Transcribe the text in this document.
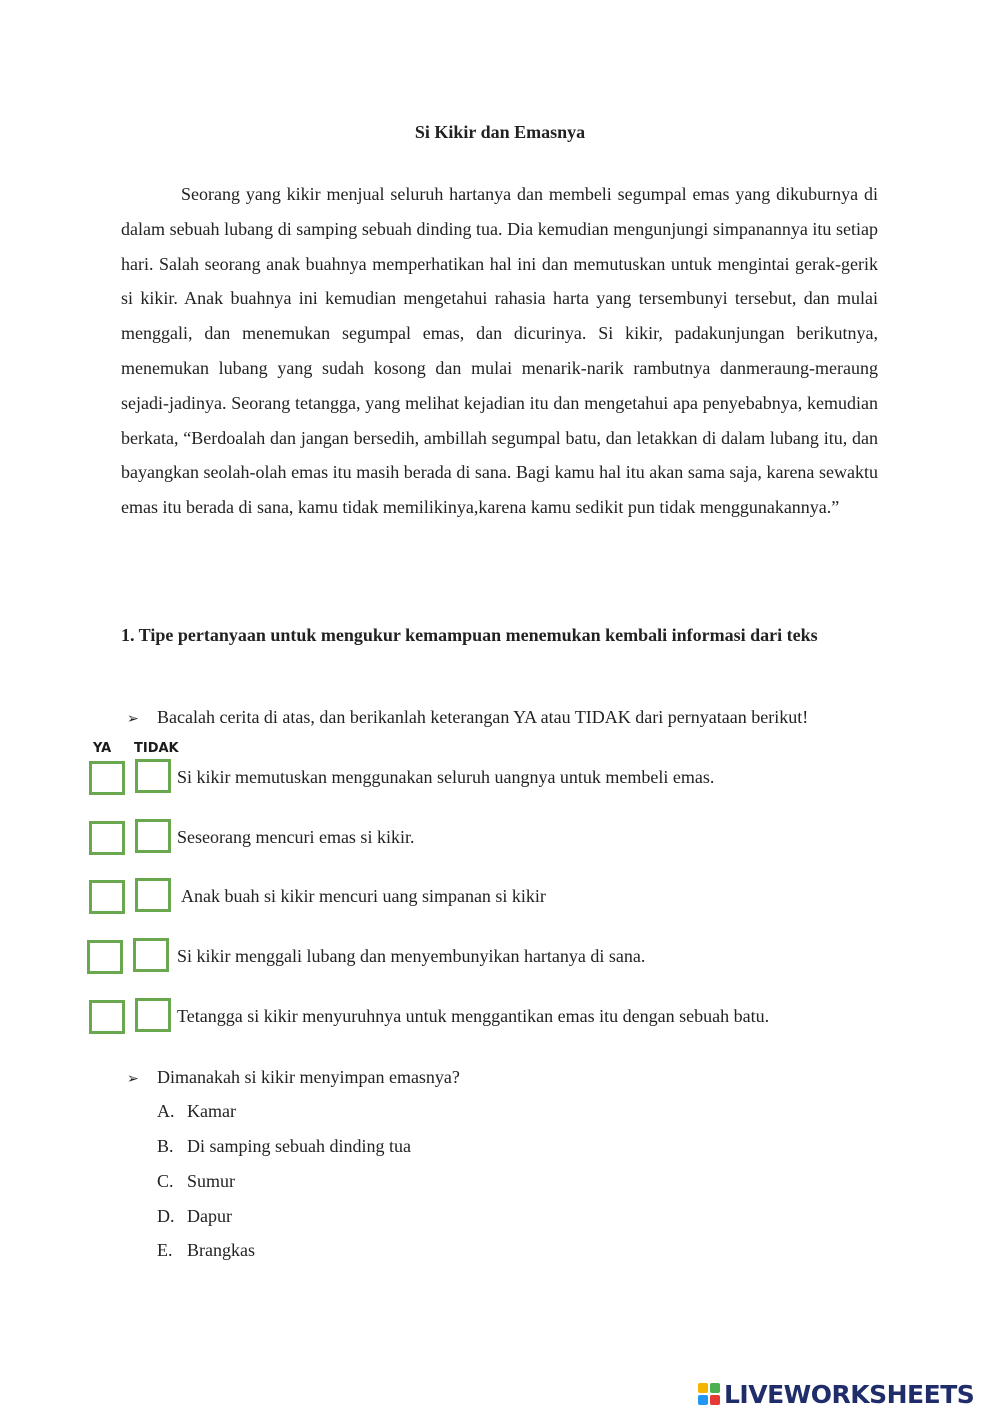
Si Kikir dan Emasnya

Seorang yang kikir menjual seluruh hartanya dan membeli segumpal emas yang dikuburnya di dalam sebuah lubang di samping sebuah dinding tua. Dia kemudian mengunjungi simpanannya itu setiap hari. Salah seorang anak buahnya memperhatikan hal ini dan memutuskan untuk mengintai gerak-gerik si kikir. Anak buahnya ini kemudian mengetahui rahasia harta yang tersembunyi tersebut, dan mulai menggali, dan menemukan segumpal emas, dan dicurinya. Si kikir, padakunjungan berikutnya, menemukan lubang yang sudah kosong dan mulai menarik-narik rambutnya danmeraung-meraung sejadi-jadinya. Seorang tetangga, yang melihat kejadian itu dan mengetahui apa penyebabnya, kemudian berkata, “Berdoalah dan jangan bersedih, ambillah segumpal batu, dan letakkan di dalam lubang itu, dan bayangkan seolah-olah emas itu masih berada di sana. Bagi kamu hal itu akan sama saja, karena sewaktu emas itu berada di sana, kamu tidak memilikinya,karena kamu sedikit pun tidak menggunakannya.”

1. Tipe pertanyaan untuk mengukur kemampuan menemukan kembali informasi dari teks

➢ Bacalah cerita di atas, dan berikanlah keterangan YA atau TIDAK dari pernyataan berikut!
YA TIDAK
Si kikir memutuskan menggunakan seluruh uangnya untuk membeli emas.
Seseorang mencuri emas si kikir.
Anak buah si kikir mencuri uang simpanan si kikir
Si kikir menggali lubang dan menyembunyikan hartanya di sana.
Tetangga si kikir menyuruhnya untuk menggantikan emas itu dengan sebuah batu.
➢ Dimanakah si kikir menyimpan emasnya?
A. Kamar
B. Di samping sebuah dinding tua
C. Sumur
D. Dapur
E. Brangkas
LIVEWORKSHEETS
